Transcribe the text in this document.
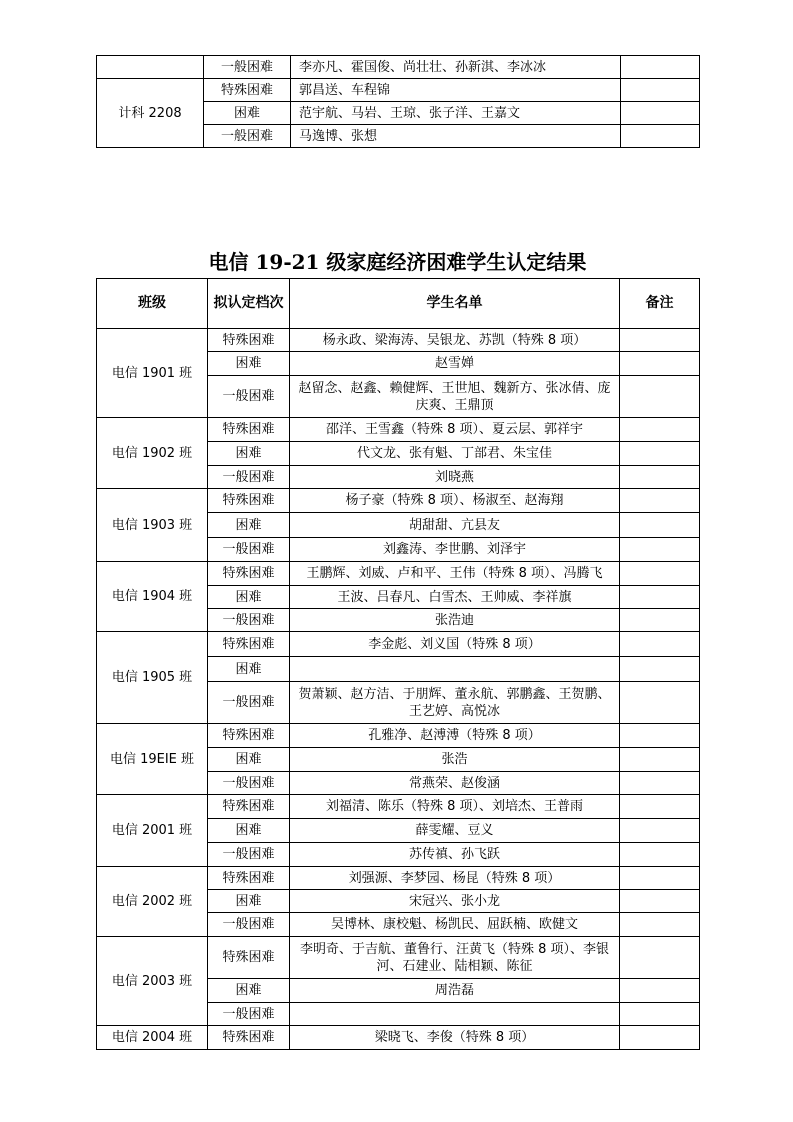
	一般困难	李亦凡、霍国俊、尚壮壮、孙新淇、李冰冰	
计科 2208	特殊困难	郭昌送、车程锦	
	困难	范宇航、马岩、王琼、张子洋、王嘉文	
	一般困难	马逸博、张想	
电信 19-21 级家庭经济困难学生认定结果
班级	拟认定档次	学生名单	备注
电信 1901 班	特殊困难	杨永政、梁海涛、吴银龙、苏凯（特殊 8 项）	
	困难	赵雪婵	
	一般困难	赵留念、赵鑫、赖健辉、王世旭、魏新方、张冰倩、庞庆爽、王鼎顶	
电信 1902 班	特殊困难	邵洋、王雪鑫（特殊 8 项）、夏云层、郭祥宇	
	困难	代文龙、张有魁、丁部君、朱宝佳	
	一般困难	刘晓燕	
电信 1903 班	特殊困难	杨子豪（特殊 8 项）、杨淑至、赵海翔	
	困难	胡甜甜、亢县友	
	一般困难	刘鑫涛、李世鹏、刘泽宇	
电信 1904 班	特殊困难	王鹏辉、刘威、卢和平、王伟（特殊 8 项）、冯腾飞	
	困难	王波、吕春凡、白雪杰、王帅威、李祥旗	
	一般困难	张浩迪	
电信 1905 班	特殊困难	李金彪、刘义国（特殊 8 项）	
	困难		
	一般困难	贺萧颖、赵方洁、于朋辉、董永航、郭鹏鑫、王贺鹏、王艺婷、高悦冰	
电信 19EIE 班	特殊困难	孔雅净、赵溥溥（特殊 8 项）	
	困难	张浩	
	一般困难	常燕荣、赵俊涵	
电信 2001 班	特殊困难	刘福清、陈乐（特殊 8 项）、刘培杰、王普雨	
	困难	薛雯耀、豆义	
	一般困难	苏传禛、孙飞跃	
电信 2002 班	特殊困难	刘强源、李梦园、杨昆（特殊 8 项）	
	困难	宋冠兴、张小龙	
	一般困难	吴博林、康校魁、杨凯民、屈跃楠、欧健文	
电信 2003 班	特殊困难	李明奇、于吉航、董鲁行、汪黄飞（特殊 8 项）、李银河、石建业、陆相颖、陈征	
	困难	周浩磊	
	一般困难		
电信 2004 班	特殊困难	梁晓飞、李俊（特殊 8 项）	
